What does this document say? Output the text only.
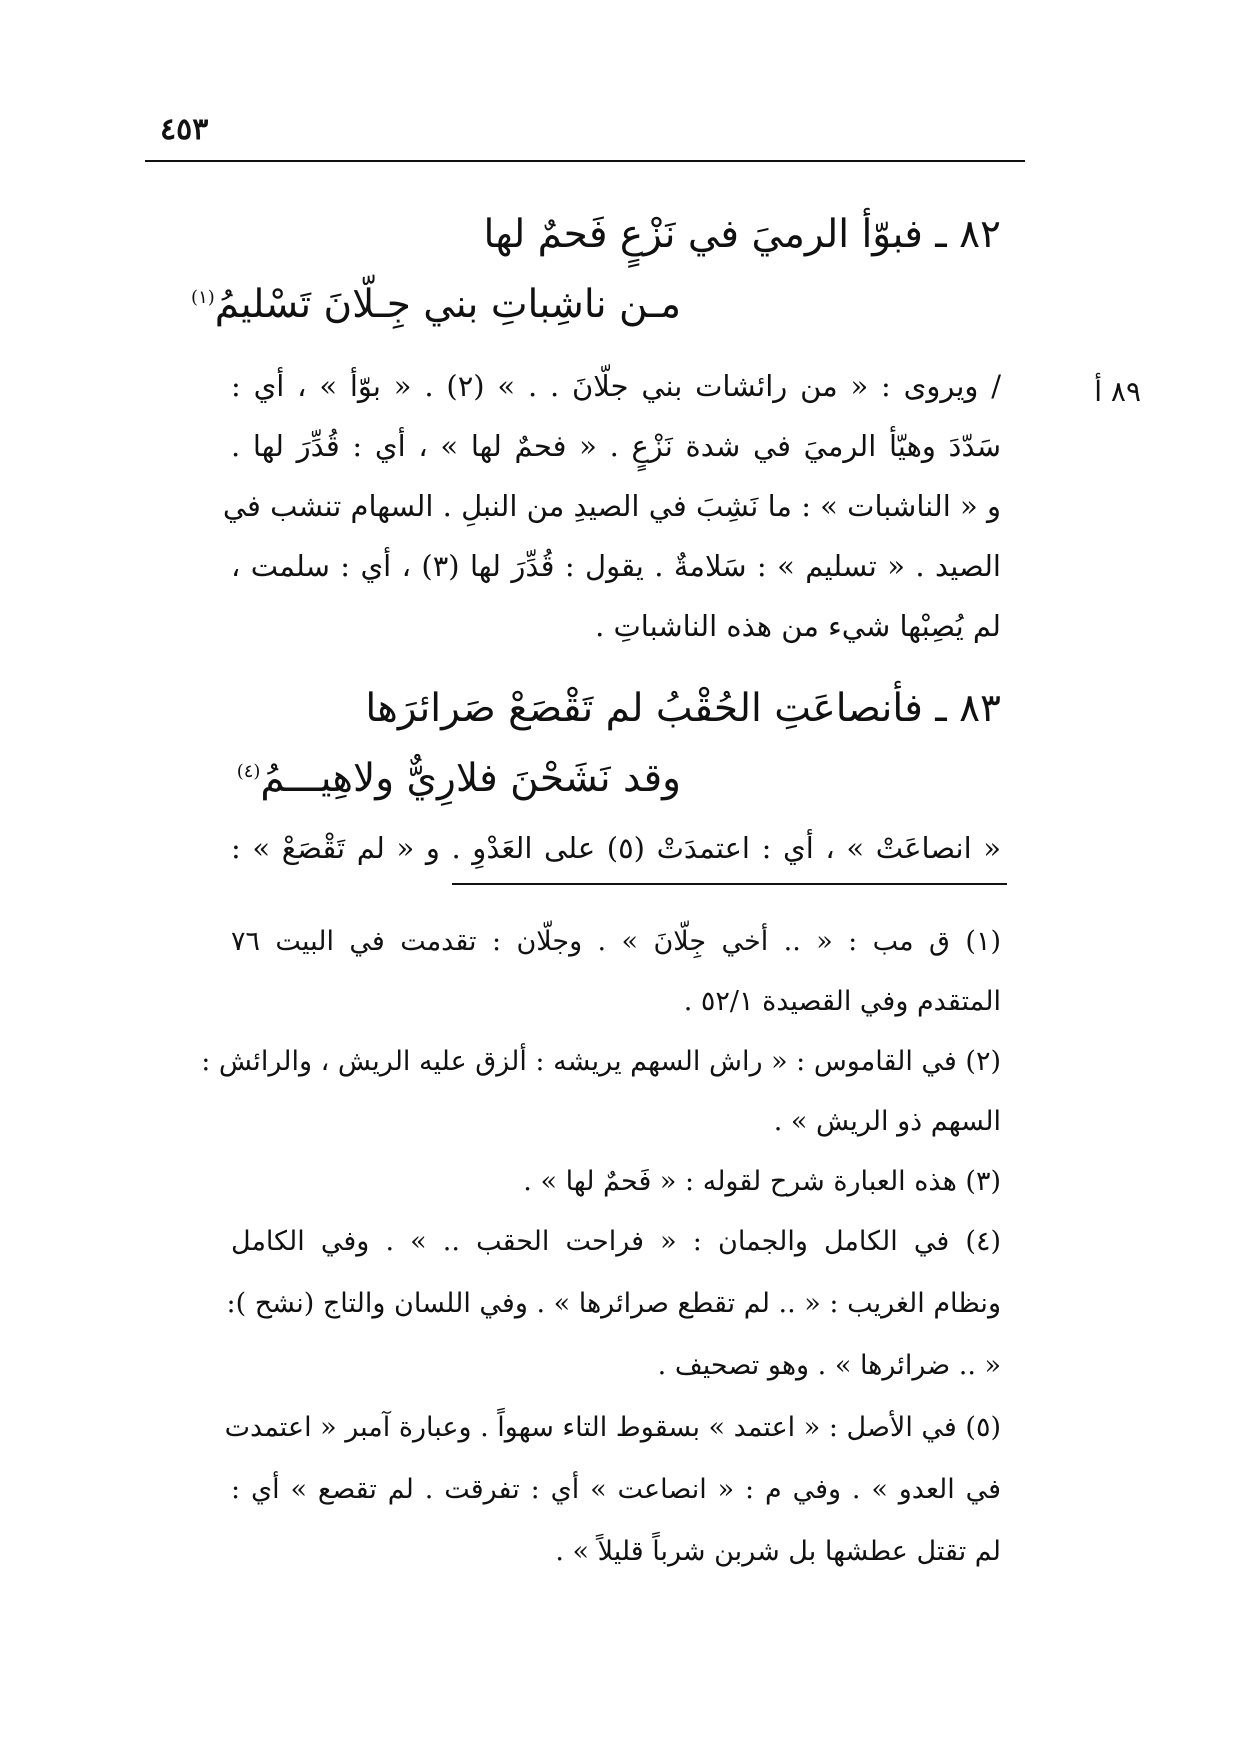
٤٥٣
٨٢ ـ فبوّأ الرميَ في نَزْعٍ فَحمٌ لها
مـن ناشِباتِ بني جِـلّانَ تَسْليمُ$^{(١)}$
٨٩ أ
/ ويروى : « من رائشات بني جلّانَ . . » (٢) . « بوّأ » ، أي :
سَدّدَ وهيّأ الرميَ في شدة نَزْعٍ . « فحمٌ لها » ، أي : قُدِّرَ لها .
و « الناشبات » : ما نَشِبَ في الصيدِ من النبلِ . السهام تنشب في
الصيد . « تسليم » : سَلامةٌ . يقول : قُدِّرَ لها (٣) ، أي : سلمت ،
لم يُصِبْها شيء من هذه الناشباتِ .
٨٣ ـ فأنصاعَتِ الحُقْبُ لم تَقْصَعْ صَرائرَها
وقد نَشَحْنَ فلارِيٌّ ولاهِيـــمُ$^{(٤)}$
« انصاعَتْ » ، أي : اعتمدَتْ (٥) على العَدْوِ . و « لم تَقْصَعْ » :
(١) ق مب : « .. أخي جِلّانَ » . وجلّان : تقدمت في البيت ٧٦
المتقدم وفي القصيدة ٥٢/١ .
(٢) في القاموس : « راش السهم يريشه : ألزق عليه الريش ، والرائش :
السهم ذو الريش » .
(٣) هذه العبارة شرح لقوله : « فَحمٌ لها » .
(٤) في الكامل والجمان : « فراحت الحقب .. » . وفي الكامل
ونظام الغريب : « .. لم تقطع صرائرها » . وفي اللسان والتاج (نشح ):
« .. ضرائرها » . وهو تصحيف .
(٥) في الأصل : « اعتمد » بسقوط التاء سهواً . وعبارة آمبر « اعتمدت
في العدو » . وفي م : « انصاعت » أي : تفرقت . لم تقصع » أي :
لم تقتل عطشها بل شربن شرباً قليلاً » .
